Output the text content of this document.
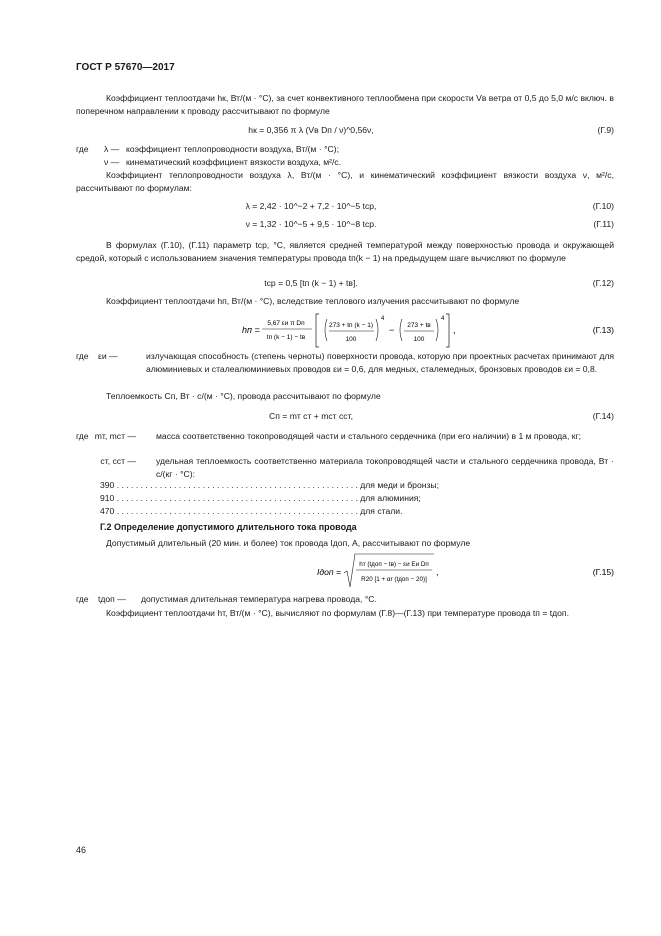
ГОСТ Р 57670—2017
Коэффициент теплоотдачи hк, Вт/(м · °С), за счет конвективного теплообмена при скорости Vв ветра от 0,5 до 5,0 м/с включ. в поперечном направлении к проводу рассчитывают по формуле
hк = 0,356 π λ (Vв Dп / ν)^0,56ν,	(Г.9)
где λ — коэффициент теплопроводности воздуха, Вт/(м · °С);
ν — кинематический коэффициент вязкости воздуха, м²/с.
Коэффициент теплопроводности воздуха λ, Вт/(м · °С), и кинематический коэффициент вязкости воздуха ν, м²/с, рассчитывают по формулам:
λ = 2,42 · 10^−2 + 7,2 · 10^−5 tср,	(Г.10)
ν = 1,32 · 10^−5 + 9,5 · 10^−8 tср.	(Г.11)
В формулах (Г.10), (Г.11) параметр tср, °С, является средней температурой между поверхностью провода и окружающей средой, который с использованием значения температуры провода tп(k − 1) на предыдущем шаге вычисляют по формуле
tср = 0,5 [tп (k − 1) + tв].	(Г.12)
Коэффициент теплоотдачи hп, Вт/(м · °С), вследствие теплового излучения рассчитывают по формуле
hп =
5,67 εи π Dп
tп (k − 1) − tв
273 + tп (k − 1)
100
4
− 273 + tв
100
4
,	(Г.13)
где εи —	излучающая способность (степень черноты) поверхности провода, которую при проектных расчетах принимают для алюминиевых и сталеалюминиевых проводов εи = 0,6, для медных, сталемедных, бронзовых проводов εи = 0,8.
Теплоемкость Сп, Вт · с/(м · °С), провода рассчитывают по формуле
Сп = mт ст + mст сст,	(Г.14)
где mт, mст — масса соответственно токопроводящей части и стального сердечника (при его наличии) в 1 м провода, кг;
ст, сст — удельная теплоемкость соответственно материала токопроводящей части и стального сердечника провода, Вт · с/(кг · °С):
390 . . . . . . . . . . . . . . . . . . . . . . . . . . . . . . . . . . . . . . . . . . . . . . . . . . . для меди и бронзы;
910 . . . . . . . . . . . . . . . . . . . . . . . . . . . . . . . . . . . . . . . . . . . . . . . . . . . для алюминия;
470 . . . . . . . . . . . . . . . . . . . . . . . . . . . . . . . . . . . . . . . . . . . . . . . . . . . для стали.
Г.2 Определение допустимого длительного тока провода
Допустимый длительный (20 мин. и более) ток провода Iдоп, А, рассчитывают по формуле
Iдоп =
hт (tдоп − tв) − εи Eи Dп
R20 [1 + αr (tдоп − 20)]
,	(Г.15)
где tдоп — допустимая длительная температура нагрева провода, °С.
Коэффициент теплоотдачи hт, Вт/(м · °С), вычисляют по формулам (Г.8)—(Г.13) при температуре провода tп = tдоп.
46
